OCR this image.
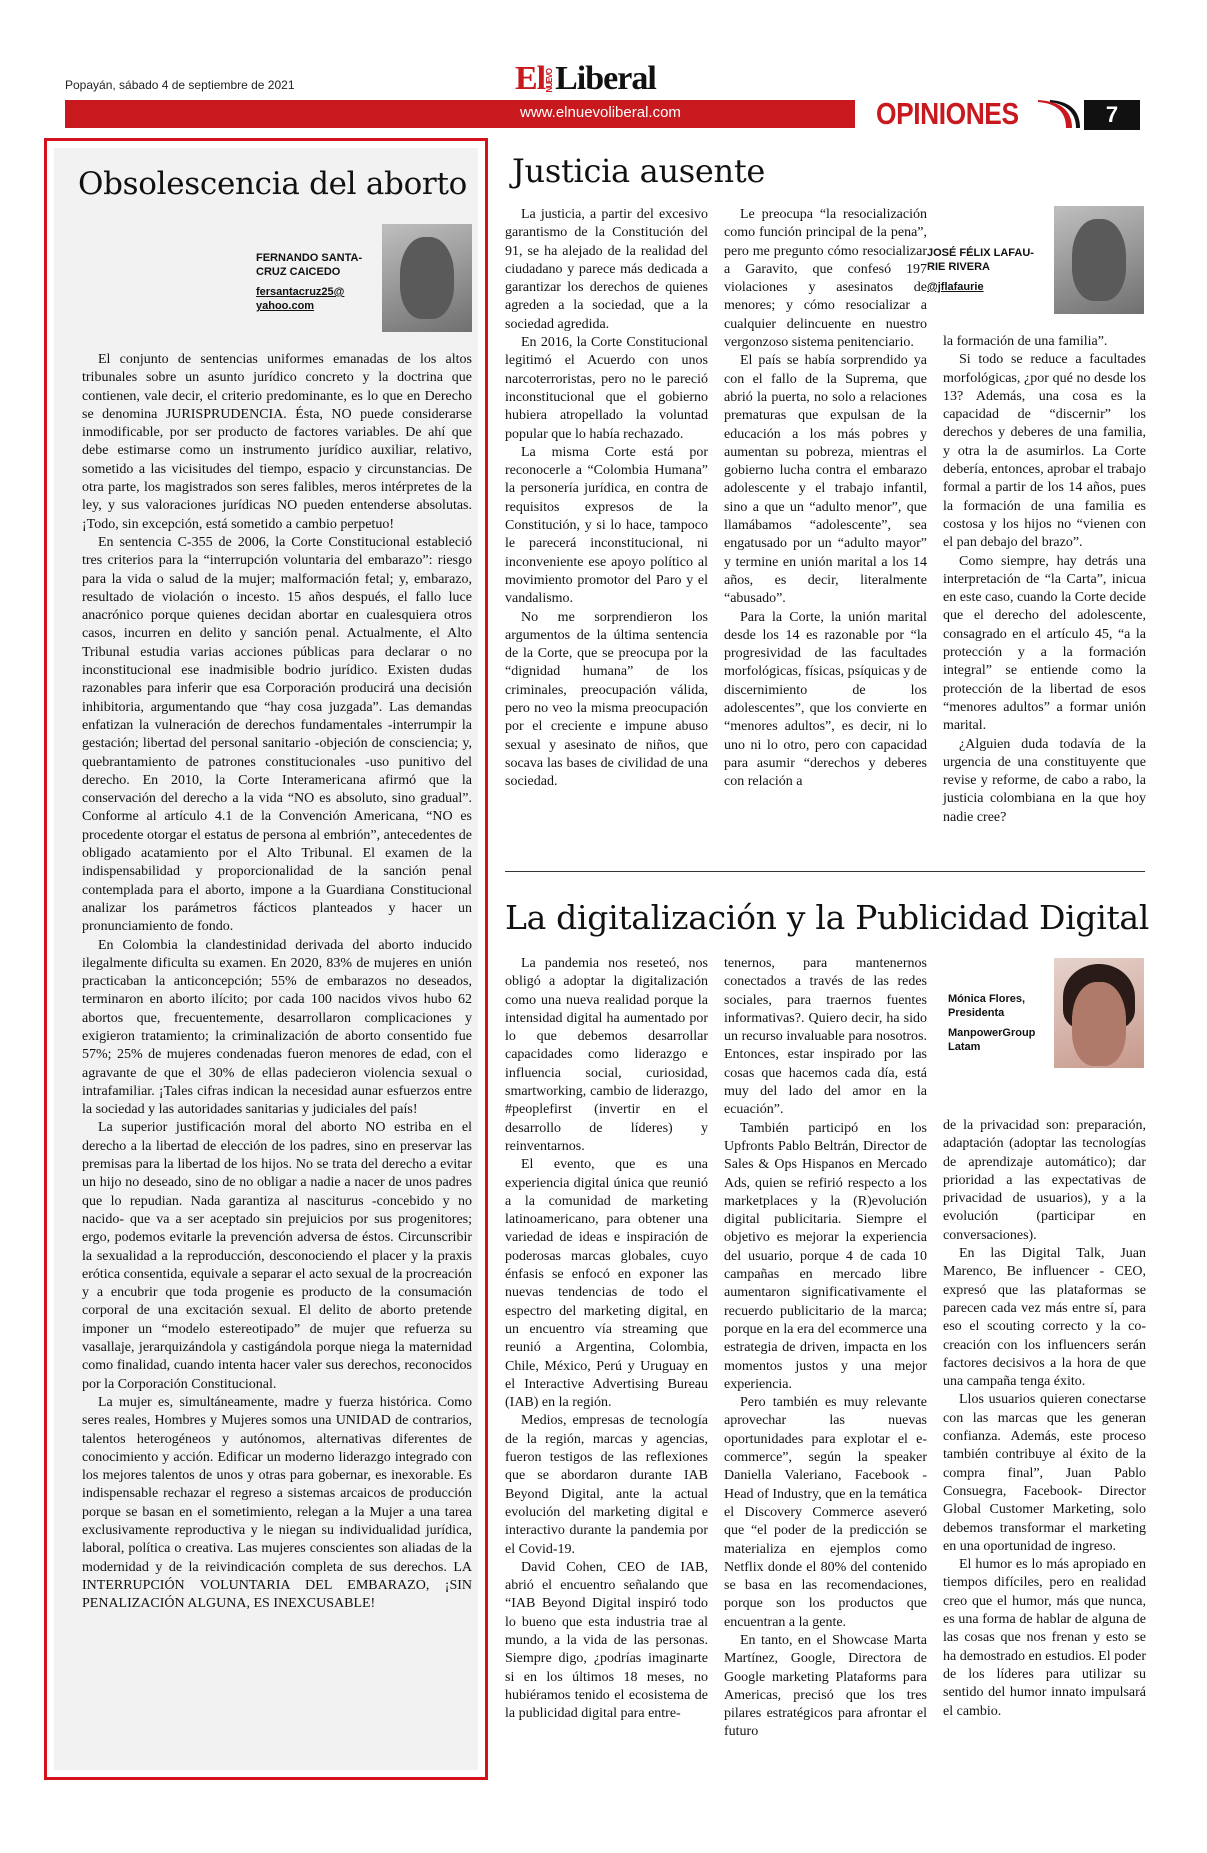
Popayán, sábado 4 de septiembre de 2021	ElNUEVOLiberal
www.elnuevoliberal.com	OPINIONES	7
Obsolescencia del aborto
FERNANDO SANTA-
CRUZ CAICEDO
fersantacruz25@
yahoo.com

El conjunto de sentencias uniformes emanadas de los altos tribunales sobre un asunto jurídico concreto y la doctrina que contienen, vale decir, el criterio predominante, es lo que en Derecho se denomina JURISPRUDENCIA. Ésta, NO puede considerarse inmodificable, por ser producto de factores variables. De ahí que debe estimarse como un instrumento jurídico auxiliar, relativo, sometido a las vicisitudes del tiempo, espacio y circunstancias. De otra parte, los magistrados son seres falibles, meros intérpretes de la ley, y sus valoraciones jurídicas NO pueden entenderse absolutas. ¡Todo, sin excepción, está sometido a cambio perpetuo!

En sentencia C-355 de 2006, la Corte Constitucional estableció tres criterios para la “interrupción voluntaria del embarazo”: riesgo para la vida o salud de la mujer; malformación fetal; y, embarazo, resultado de violación o incesto. 15 años después, el fallo luce anacrónico porque quienes decidan abortar en cualesquiera otros casos, incurren en delito y sanción penal. Actualmente, el Alto Tribunal estudia varias acciones públicas para declarar o no inconstitucional ese inadmisible bodrio jurídico. Existen dudas razonables para inferir que esa Corporación producirá una decisión inhibitoria, argumentando que “hay cosa juzgada”. Las demandas enfatizan la vulneración de derechos fundamentales -interrumpir la gestación; libertad del personal sanitario -objeción de consciencia; y, quebrantamiento de patrones constitucionales -uso punitivo del derecho. En 2010, la Corte Interamericana afirmó que la conservación del derecho a la vida “NO es absoluto, sino gradual”. Conforme al artículo 4.1 de la Convención Americana, “NO es procedente otorgar el estatus de persona al embrión”, antecedentes de obligado acatamiento por el Alto Tribunal. El examen de la indispensabilidad y proporcionalidad de la sanción penal contemplada para el aborto, impone a la Guardiana Constitucional analizar los parámetros fácticos planteados y hacer un pronunciamiento de fondo.

En Colombia la clandestinidad derivada del aborto inducido ilegalmente dificulta su examen. En 2020, 83% de mujeres en unión practicaban la anticoncepción; 55% de embarazos no deseados, terminaron en aborto ilícito; por cada 100 nacidos vivos hubo 62 abortos que, frecuentemente, desarrollaron complicaciones y exigieron tratamiento; la criminalización de aborto consentido fue 57%; 25% de mujeres condenadas fueron menores de edad, con el agravante de que el 30% de ellas padecieron violencia sexual o intrafamiliar. ¡Tales cifras indican la necesidad aunar esfuerzos entre la sociedad y las autoridades sanitarias y judiciales del país!

La superior justificación moral del aborto NO estriba en el derecho a la libertad de elección de los padres, sino en preservar las premisas para la libertad de los hijos. No se trata del derecho a evitar un hijo no deseado, sino de no obligar a nadie a nacer de unos padres que lo repudian. Nada garantiza al nasciturus -concebido y no nacido- que va a ser aceptado sin prejuicios por sus progenitores; ergo, podemos evitarle la prevención adversa de éstos. Circunscribir la sexualidad a la reproducción, desconociendo el placer y la praxis erótica consentida, equivale a separar el acto sexual de la procreación y a encubrir que toda progenie es producto de la consumación corporal de una excitación sexual. El delito de aborto pretende imponer un “modelo estereotipado” de mujer que refuerza su vasallaje, jerarquizándola y castigándola porque niega la maternidad como finalidad, cuando intenta hacer valer sus derechos, reconocidos por la Corporación Constitucional.

La mujer es, simultáneamente, madre y fuerza histórica. Como seres reales, Hombres y Mujeres somos una UNIDAD de contrarios, talentos heterogéneos y autónomos, alternativas diferentes de conocimiento y acción. Edificar un moderno liderazgo integrado con los mejores talentos de unos y otras para gobernar, es inexorable. Es indispensable rechazar el regreso a sistemas arcaicos de producción porque se basan en el sometimiento, relegan a la Mujer a una tarea exclusivamente reproductiva y le niegan su individualidad jurídica, laboral, política o creativa. Las mujeres conscientes son aliadas de la modernidad y de la reivindicación completa de sus derechos. LA INTERRUPCIÓN VOLUNTARIA DEL EMBARAZO, ¡SIN PENALIZACIÓN ALGUNA, ES INEXCUSABLE!

Justicia ausente

La justicia, a partir del excesivo garantismo de la Constitución del 91, se ha alejado de la realidad del ciudadano y parece más dedicada a garantizar los derechos de quienes agreden a la sociedad, que a la sociedad agredida.

En 2016, la Corte Constitucional legitimó el Acuerdo con unos narcoterroristas, pero no le pareció inconstitucional que el gobierno hubiera atropellado la voluntad popular que lo había rechazado.

La misma Corte está por reconocerle a “Colombia Humana” la personería jurídica, en contra de requisitos expresos de la Constitución, y si lo hace, tampoco le parecerá inconstitucional, ni inconveniente ese apoyo político al movimiento promotor del Paro y el vandalismo.

No me sorprendieron los argumentos de la última sentencia de la Corte, que se preocupa por la “dignidad humana” de los criminales, preocupación válida, pero no veo la misma preocupación por el creciente e impune abuso sexual y asesinato de niños, que socava las bases de civilidad de una sociedad.

Le preocupa “la resocialización como función principal de la pena”, pero me pregunto cómo resocializar a Garavito, que confesó 197 violaciones y asesinatos de menores; y cómo resocializar a cualquier delincuente en nuestro vergonzoso sistema penitenciario.

El país se había sorprendido ya con el fallo de la Suprema, que abrió la puerta, no solo a relaciones prematuras que expulsan de la educación a los más pobres y aumentan su pobreza, mientras el gobierno lucha contra el embarazo adolescente y el trabajo infantil, sino a que un “adulto menor”, que llamábamos “adolescente”, sea engatusado por un “adulto mayor” y termine en unión marital a los 14 años, es decir, literalmente “abusado”.

Para la Corte, la unión marital desde los 14 es razonable por “la progresividad de las facultades morfológicas, físicas, psíquicas y de discernimiento de los adolescentes”, que los convierte en “menores adultos”, es decir, ni lo uno ni lo otro, pero con capacidad para asumir “derechos y deberes con relación a

JOSÉ FÉLIX LAFAU-
RIE RIVERA
@jflafaurie

la formación de una familia”.

Si todo se reduce a facultades morfológicas, ¿por qué no desde los 13? Además, una cosa es la capacidad de “discernir” los derechos y deberes de una familia, y otra la de asumirlos. La Corte debería, entonces, aprobar el trabajo formal a partir de los 14 años, pues la formación de una familia es costosa y los hijos no “vienen con el pan debajo del brazo”.

Como siempre, hay detrás una interpretación de “la Carta”, inicua en este caso, cuando la Corte decide que el derecho del adolescente, consagrado en el artículo 45, “a la protección y a la formación integral” se entiende como la protección de la libertad de esos “menores adultos” a formar unión marital.

¿Alguien duda todavía de la urgencia de una constituyente que revise y reforme, de cabo a rabo, la justicia colombiana en la que hoy nadie cree?

La digitalización y la Publicidad Digital

La pandemia nos reseteó, nos obligó a adoptar la digitalización como una nueva realidad porque la intensidad digital ha aumentado por lo que debemos desarrollar capacidades como liderazgo e influencia social, curiosidad, smartworking, cambio de liderazgo, #peoplefirst (invertir en el desarrollo de líderes) y reinventarnos.

El evento, que es una experiencia digital única que reunió a la comunidad de marketing latinoamericano, para obtener una variedad de ideas e inspiración de poderosas marcas globales, cuyo énfasis se enfocó en exponer las nuevas tendencias de todo el espectro del marketing digital, en un encuentro vía streaming que reunió a Argentina, Colombia, Chile, México, Perú y Uruguay en el Interactive Advertising Bureau (IAB) en la región.

Medios, empresas de tecnología de la región, marcas y agencias, fueron testigos de las reflexiones que se abordaron durante IAB Beyond Digital, ante la actual evolución del marketing digital e interactivo durante la pandemia por el Covid-19.

David Cohen, CEO de IAB, abrió el encuentro señalando que “IAB Beyond Digital inspiró todo lo bueno que esta industria trae al mundo, a la vida de las personas. Siempre digo, ¿podrías imaginarte si en los últimos 18 meses, no hubiéramos tenido el ecosistema de la publicidad digital para entre-

tenernos, para mantenernos conectados a través de las redes sociales, para traernos fuentes informativas?. Quiero decir, ha sido un recurso invaluable para nosotros. Entonces, estar inspirado por las cosas que hacemos cada día, está muy del lado del amor en la ecuación”.

También participó en los Upfronts Pablo Beltrán, Director de Sales & Ops Hispanos en Mercado Ads, quien se refirió respecto a los marketplaces y la (R)evolución digital publicitaria. Siempre el objetivo es mejorar la experiencia del usuario, porque 4 de cada 10 campañas en mercado libre aumentaron significativamente el recuerdo publicitario de la marca; porque en la era del ecommerce una estrategia de driven, impacta en los momentos justos y una mejor experiencia.

Pero también es muy relevante aprovechar las nuevas oportunidades para explotar el e-commerce”, según la speaker Daniella Valeriano, Facebook - Head of Industry, que en la temática el Discovery Commerce aseveró que “el poder de la predicción se materializa en ejemplos como Netflix donde el 80% del contenido se basa en las recomendaciones, porque son los productos que encuentran a la gente.

En tanto, en el Showcase Marta Martínez, Google, Directora de Google marketing Plataforms para Americas, precisó que los tres pilares estratégicos para afrontar el futuro

Mónica Flores,
Presidenta
ManpowerGroup
Latam

de la privacidad son: preparación, adaptación (adoptar las tecnologías de aprendizaje automático); dar prioridad a las expectativas de privacidad de usuarios), y a la evolución (participar en conversaciones).

En las Digital Talk, Juan Marenco, Be influencer - CEO, expresó que las plataformas se parecen cada vez más entre sí, para eso el scouting correcto y la co-creación con los influencers serán factores decisivos a la hora de que una campaña tenga éxito.

Llos usuarios quieren conectarse con las marcas que les generan confianza. Además, este proceso también contribuye al éxito de la compra final”, Juan Pablo Consuegra, Facebook- Director Global Customer Marketing, solo debemos transformar el marketing en una oportunidad de ingreso.

El humor es lo más apropiado en tiempos difíciles, pero en realidad creo que el humor, más que nunca, es una forma de hablar de alguna de las cosas que nos frenan y esto se ha demostrado en estudios. El poder de los líderes para utilizar su sentido del humor innato impulsará el cambio.
